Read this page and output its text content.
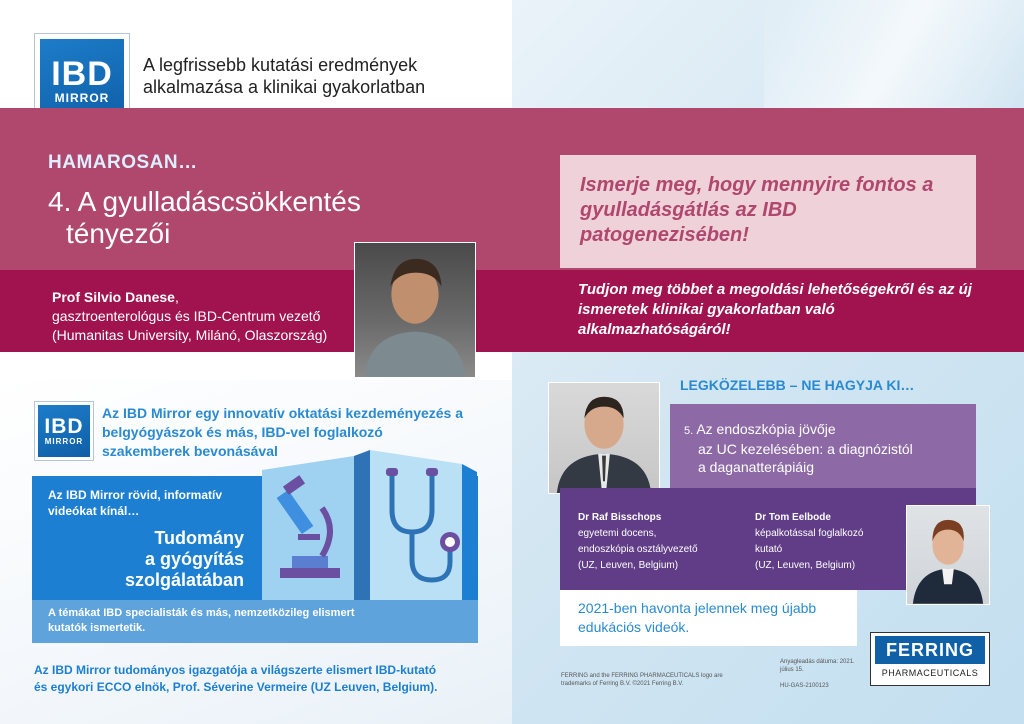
IBD
MIRROR
A legfrissebb kutatási eredmények
alkalmazása a klinikai gyakorlatban
HAMAROSAN…
4. A gyulladáscsökkentés
tényezői
Prof Silvio Danese,
gasztroenterológus és IBD-Centrum vezető
(Humanitas University, Milánó, Olaszország)

Ismerje meg, hogy mennyire fontos a gyulladásgátlás az IBD patogenezisében!

Tudjon meg többet a megoldási lehetőségekről és az új ismeretek klinikai gyakorlatban való alkalmazhatóságáról!
IBD
MIRROR
Az IBD Mirror egy innovatív oktatási kezdeményezés a belgyógyászok és más, IBD-vel foglalkozó szakemberek bevonásával
Az IBD Mirror rövid, informatív videókat kínál…
Tudomány
a gyógyítás
szolgálatában
A témákat IBD specialisták és más, nemzetközileg elismert kutatók ismertetik.
Az IBD Mirror tudományos igazgatója a világszerte elismert IBD-kutató
és egykori ECCO elnök, Prof. Séverine Vermeire (UZ Leuven, Belgium).
LEGKÖZELEBB – NE HAGYJA KI…

5. Az endoszkópia jövője
az UC kezelésében: a diagnózistól
a daganatterápiáig

Dr Raf Bisschops
egyetemi docens,
endoszkópia osztályvezető
(UZ, Leuven, Belgium)
Dr Tom Eelbode
képalkotással foglalkozó
kutató
(UZ, Leuven, Belgium)
2021-ben havonta jelennek meg újabb edukációs videók.
FERRING and the FERRING PHARMACEUTICALS logo are trademarks of Ferring B.V. ©2021 Ferring B.V.
Anyagleadás dátuma: 2021. július 15.
HU-GAS-2100123
FERRING
PHARMACEUTICALS
